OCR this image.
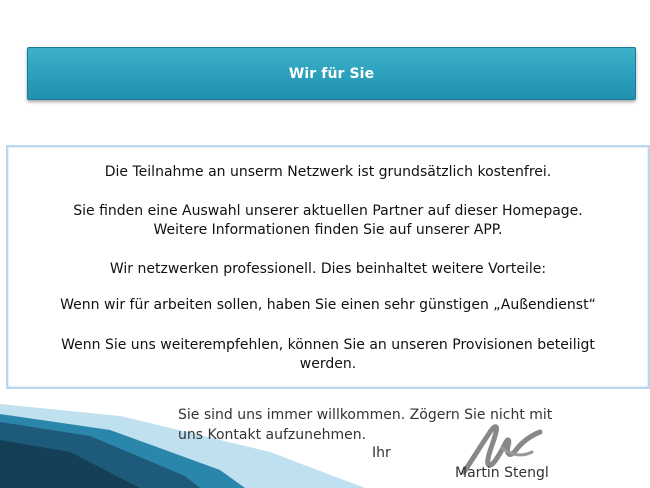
Wir für Sie
Die Teilnahme an unserm Netzwerk ist grundsätzlich kostenfrei.
Sie finden eine Auswahl unserer aktuellen Partner auf dieser Homepage.
Weitere Informationen finden Sie auf unserer APP.
Wir netzwerken professionell. Dies beinhaltet weitere Vorteile:
Wenn wir für arbeiten sollen, haben Sie einen sehr günstigen „Außendienst“
Wenn Sie uns weiterempfehlen, können Sie an unseren Provisionen beteiligt
werden.
Sie sind uns immer willkommen. Zögern Sie nicht mit
uns Kontakt aufzunehmen.
Ihr
Martin Stengl
